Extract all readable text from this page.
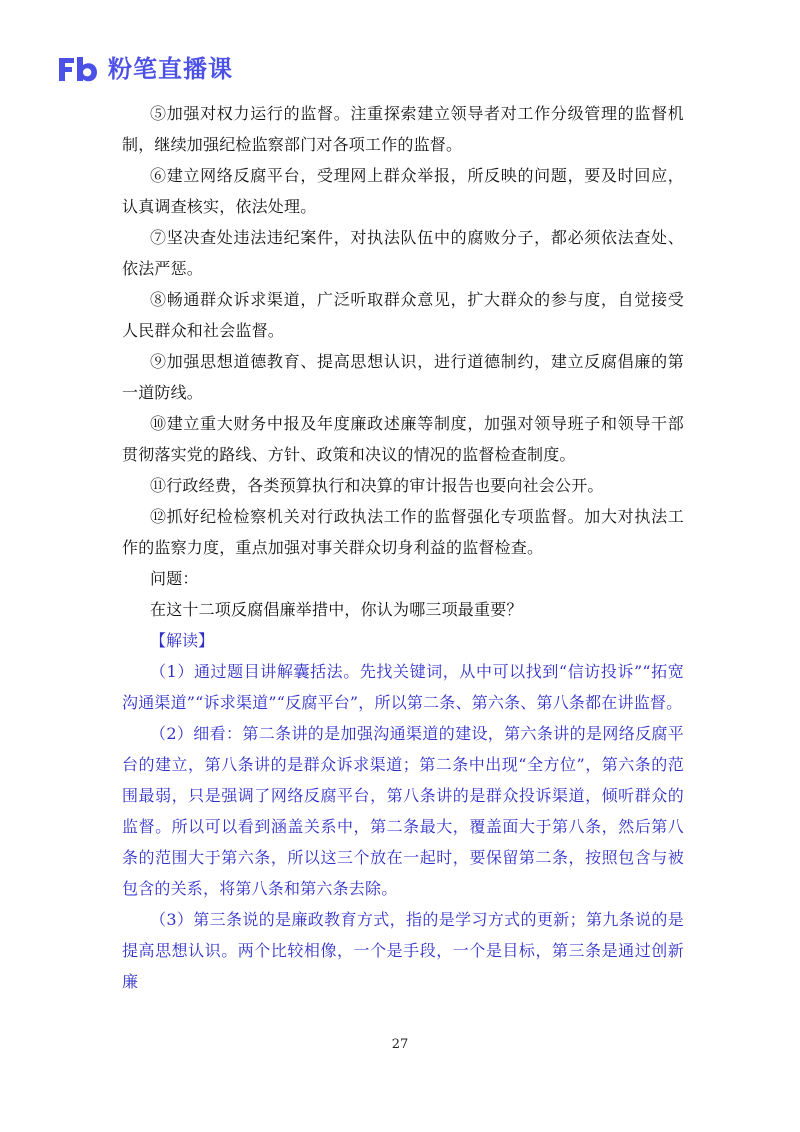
粉笔直播课

⑤加强对权力运行的监督。注重探索建立领导者对工作分级管理的监督机制，继续加强纪检监察部门对各项工作的监督。

⑥建立网络反腐平台，受理网上群众举报，所反映的问题，要及时回应，认真调查核实，依法处理。

⑦坚决查处违法违纪案件，对执法队伍中的腐败分子，都必须依法查处、依法严惩。

⑧畅通群众诉求渠道，广泛听取群众意见，扩大群众的参与度，自觉接受人民群众和社会监督。

⑨加强思想道德教育、提高思想认识，进行道德制约，建立反腐倡廉的第一道防线。

⑩建立重大财务中报及年度廉政述廉等制度，加强对领导班子和领导干部贯彻落实党的路线、方针、政策和决议的情况的监督检查制度。

⑪行政经费，各类预算执行和决算的审计报告也要向社会公开。

⑫抓好纪检检察机关对行政执法工作的监督强化专项监督。加大对执法工作的监察力度，重点加强对事关群众切身利益的监督检查。

问题：

在这十二项反腐倡廉举措中，你认为哪三项最重要？

【解读】

（1）通过题目讲解囊括法。先找关键词，从中可以找到“信访投诉”“拓宽沟通渠道”“诉求渠道”“反腐平台”，所以第二条、第六条、第八条都在讲监督。

（2）细看：第二条讲的是加强沟通渠道的建设，第六条讲的是网络反腐平台的建立，第八条讲的是群众诉求渠道；第二条中出现“全方位”，第六条的范围最弱，只是强调了网络反腐平台，第八条讲的是群众投诉渠道，倾听群众的监督。所以可以看到涵盖关系中，第二条最大，覆盖面大于第八条，然后第八条的范围大于第六条，所以这三个放在一起时，要保留第二条，按照包含与被包含的关系，将第八条和第六条去除。

（3）第三条说的是廉政教育方式，指的是学习方式的更新；第九条说的是提高思想认识。两个比较相像，一个是手段，一个是目标，第三条是通过创新廉

27
